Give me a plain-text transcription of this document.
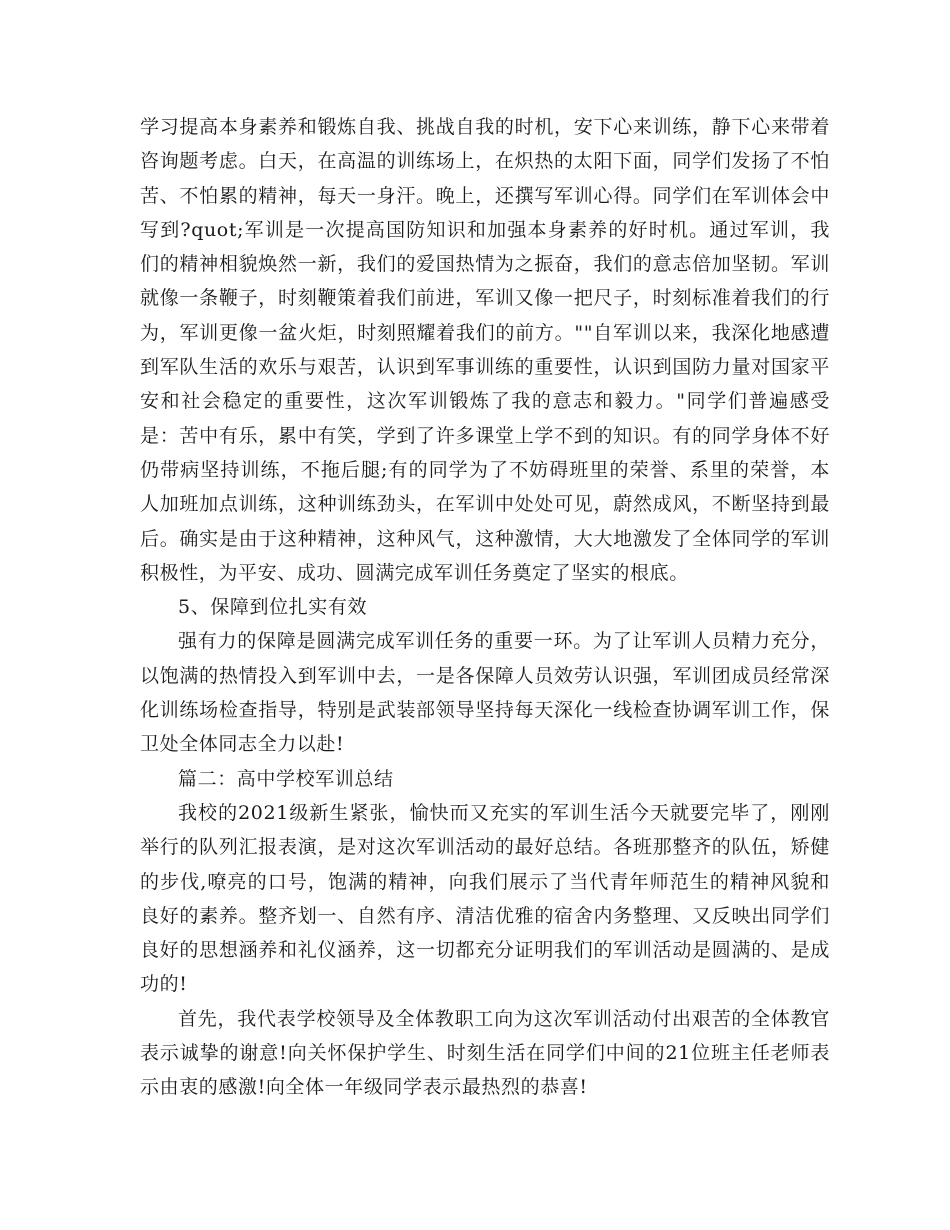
学习提高本身素养和锻炼自我、挑战自我的时机，安下心来训练，静下心来带着咨询题考虑。白天，在高温的训练场上，在炽热的太阳下面，同学们发扬了不怕苦、不怕累的精神，每天一身汗。晚上，还撰写军训心得。同学们在军训体会中写到?quot;军训是一次提高国防知识和加强本身素养的好时机。通过军训，我们的精神相貌焕然一新，我们的爱国热情为之振奋，我们的意志倍加坚韧。军训就像一条鞭子，时刻鞭策着我们前进，军训又像一把尺子，时刻标准着我们的行为，军训更像一盆火炬，时刻照耀着我们的前方。""自军训以来，我深化地感遭到军队生活的欢乐与艰苦，认识到军事训练的重要性，认识到国防力量对国家平安和社会稳定的重要性，这次军训锻炼了我的意志和毅力。"同学们普遍感受是：苦中有乐，累中有笑，学到了许多课堂上学不到的知识。有的同学身体不好仍带病坚持训练，不拖后腿;有的同学为了不妨碍班里的荣誉、系里的荣誉，本人加班加点训练，这种训练劲头，在军训中处处可见，蔚然成风，不断坚持到最后。确实是由于这种精神，这种风气，这种激情，大大地激发了全体同学的军训积极性，为平安、成功、圆满完成军训任务奠定了坚实的根底。

5、保障到位扎实有效

强有力的保障是圆满完成军训任务的重要一环。为了让军训人员精力充分，以饱满的热情投入到军训中去，一是各保障人员效劳认识强，军训团成员经常深化训练场检查指导，特别是武装部领导坚持每天深化一线检查协调军训工作，保卫处全体同志全力以赴!

篇二：高中学校军训总结

我校的2021级新生紧张，愉快而又充实的军训生活今天就要完毕了，刚刚举行的队列汇报表演，是对这次军训活动的最好总结。各班那整齐的队伍，矫健的步伐,嘹亮的口号，饱满的精神，向我们展示了当代青年师范生的精神风貌和良好的素养。整齐划一、自然有序、清洁优雅的宿舍内务整理、又反映出同学们良好的思想涵养和礼仪涵养，这一切都充分证明我们的军训活动是圆满的、是成功的!

首先，我代表学校领导及全体教职工向为这次军训活动付出艰苦的全体教官表示诚挚的谢意!向关怀保护学生、时刻生活在同学们中间的21位班主任老师表示由衷的感激!向全体一年级同学表示最热烈的恭喜!
